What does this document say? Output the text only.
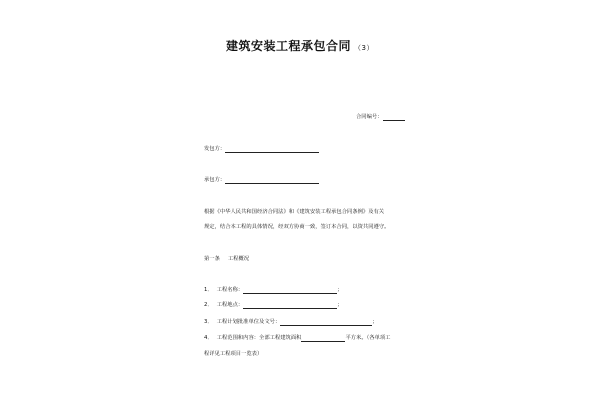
建筑安装工程承包合同 （3）
合同编号：
发包方：
承包方：
根据《中华人民共和国经济合同法》和《建筑安装工程承包合同条例》及有关
规定，结合本工程的具体情况，经双方协商一致，签订本合同，以资共同遵守。
第一条 工程概况
1． 工程名称：	；
2． 工程地点：	；
3． 工程计划批准单位及文号：	；
4． 工程范围和内容：全部工程建筑面积	平方米。（各单项工
程详见工程项目一览表）
